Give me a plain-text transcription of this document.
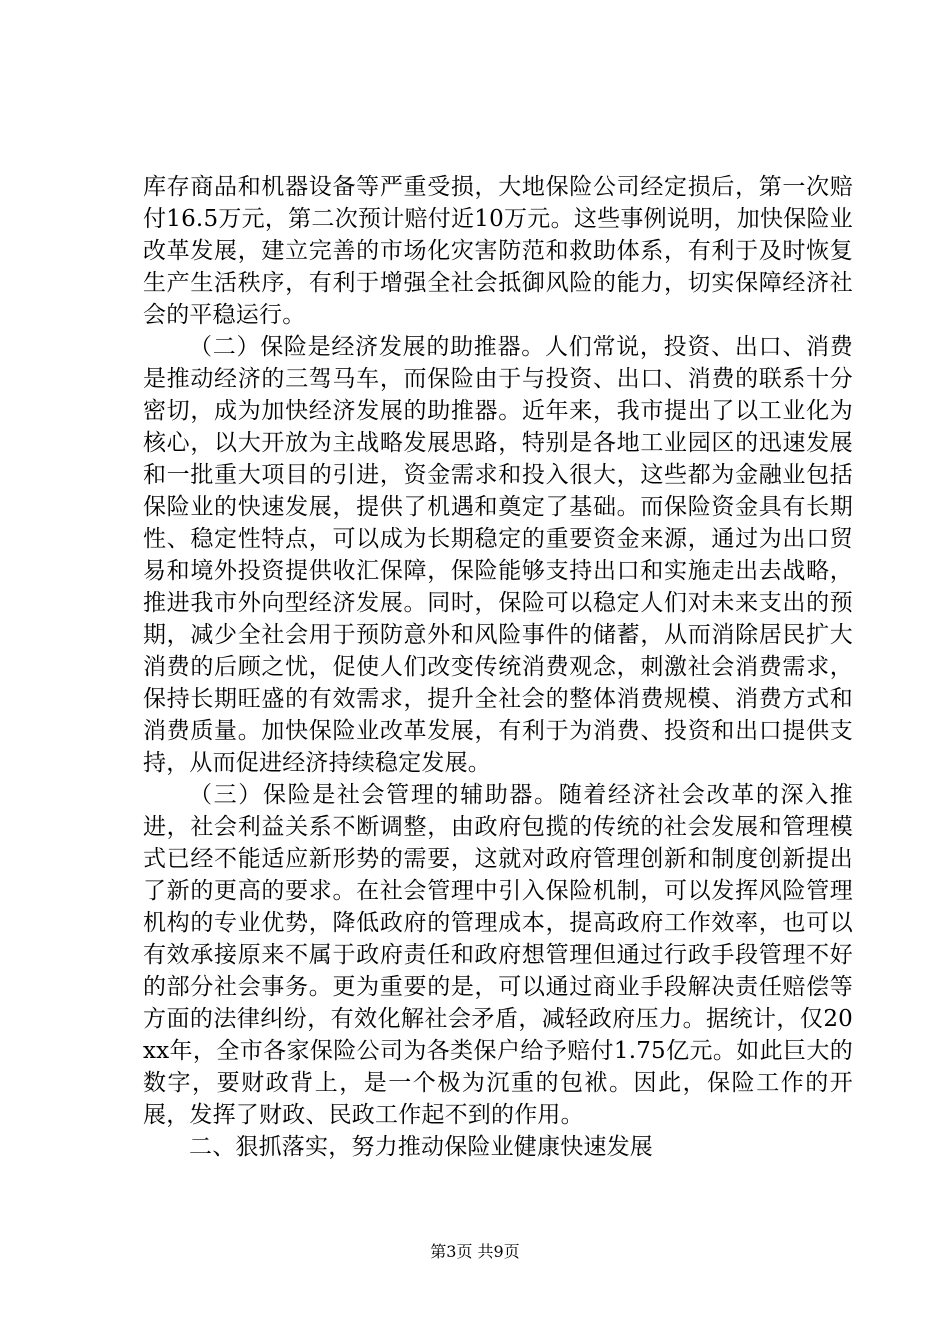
库存商品和机器设备等严重受损，大地保险公司经定损后，第一次赔付16.5万元，第二次预计赔付近10万元。这些事例说明，加快保险业改革发展，建立完善的市场化灾害防范和救助体系，有利于及时恢复生产生活秩序，有利于增强全社会抵御风险的能力，切实保障经济社会的平稳运行。

（二）保险是经济发展的助推器。人们常说，投资、出口、消费是推动经济的三驾马车，而保险由于与投资、出口、消费的联系十分密切，成为加快经济发展的助推器。近年来，我市提出了以工业化为核心，以大开放为主战略发展思路，特别是各地工业园区的迅速发展和一批重大项目的引进，资金需求和投入很大，这些都为金融业包括保险业的快速发展，提供了机遇和奠定了基础。而保险资金具有长期性、稳定性特点，可以成为长期稳定的重要资金来源，通过为出口贸易和境外投资提供收汇保障，保险能够支持出口和实施走出去战略，推进我市外向型经济发展。同时，保险可以稳定人们对未来支出的预期，减少全社会用于预防意外和风险事件的储蓄，从而消除居民扩大消费的后顾之忧，促使人们改变传统消费观念，刺激社会消费需求，保持长期旺盛的有效需求，提升全社会的整体消费规模、消费方式和消费质量。加快保险业改革发展，有利于为消费、投资和出口提供支持，从而促进经济持续稳定发展。

（三）保险是社会管理的辅助器。随着经济社会改革的深入推进，社会利益关系不断调整，由政府包揽的传统的社会发展和管理模式已经不能适应新形势的需要，这就对政府管理创新和制度创新提出了新的更高的要求。在社会管理中引入保险机制，可以发挥风险管理机构的专业优势，降低政府的管理成本，提高政府工作效率，也可以有效承接原来不属于政府责任和政府想管理但通过行政手段管理不好的部分社会事务。更为重要的是，可以通过商业手段解决责任赔偿等方面的法律纠纷，有效化解社会矛盾，减轻政府压力。据统计，仅20xx年，全市各家保险公司为各类保户给予赔付1.75亿元。如此巨大的数字，要财政背上，是一个极为沉重的包袱。因此，保险工作的开展，发挥了财政、民政工作起不到的作用。

二、狠抓落实，努力推动保险业健康快速发展

第3页 共9页
